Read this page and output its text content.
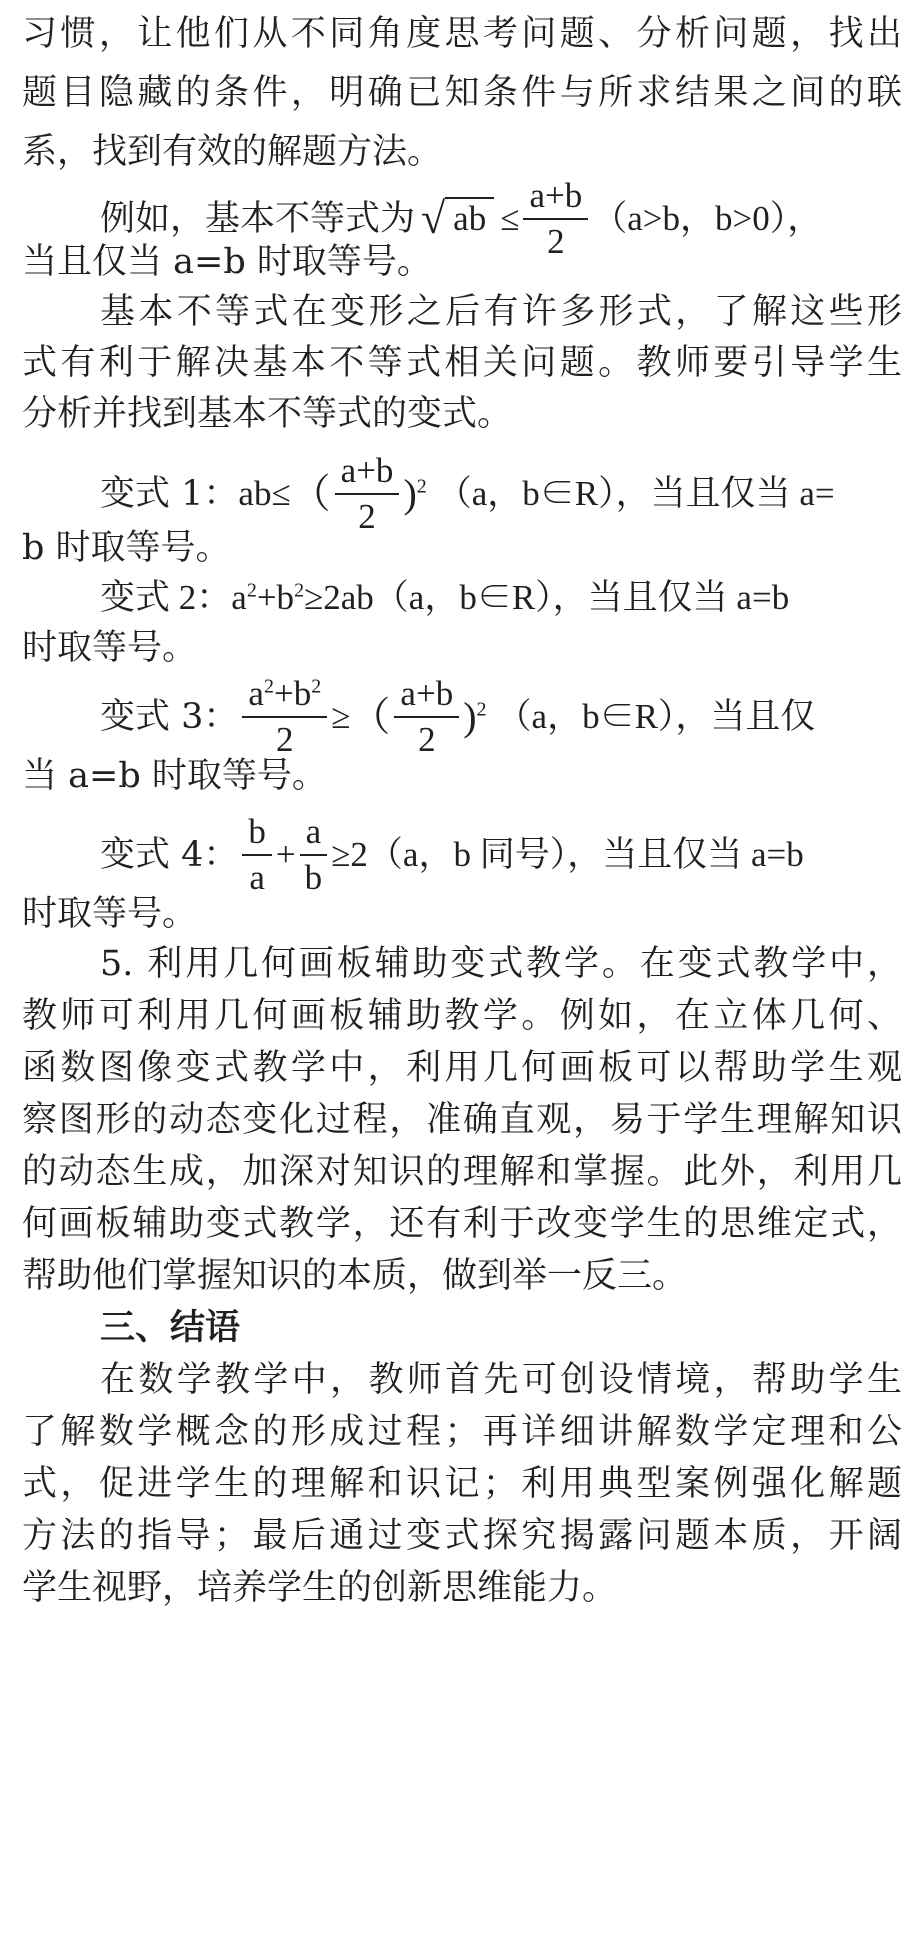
习惯，让他们从不同角度思考问题、分析问题，找出
题目隐藏的条件，明确已知条件与所求结果之间的联
系，找到有效的解题方法。
例如，基本不等式为 √ ab ≤ $\frac{a+b}{2} (a>b$，b>0），
当且仅当 a=b 时取等号。
基本不等式在变形之后有许多形式，了解这些形
式有利于解决基本不等式相关问题。教师要引导学生
分析并找到基本不等式的变式。
变式 1： ab≤ （ $\frac{a+b}{2} )^2$ （a，b∈R），当且仅当 a=
b 时取等号。
变式 2：$a^2+b^2\ge 2ab(a$，b∈R），当且仅当 a=b
时取等号。
变式 3： $\frac{a^2+b^2}{2}$ ≥ （ $\frac{a+b}{2} )^2$ （a，b∈R），当且仅
当 a=b 时取等号。
变式 4： $\frac{b}{a} + \frac{a}{b} \ge 2(a$，b 同号），当且仅当 a=b
时取等号。
5. 利用几何画板辅助变式教学。在变式教学中，
教师可利用几何画板辅助教学。例如，在立体几何、
函数图像变式教学中，利用几何画板可以帮助学生观
察图形的动态变化过程，准确直观，易于学生理解知识
的动态生成，加深对知识的理解和掌握。此外，利用几
何画板辅助变式教学，还有利于改变学生的思维定式，
帮助他们掌握知识的本质，做到举一反三。
三、结语
在数学教学中，教师首先可创设情境，帮助学生
了解数学概念的形成过程；再详细讲解数学定理和公
式，促进学生的理解和识记；利用典型案例强化解题
方法的指导；最后通过变式探究揭露问题本质，开阔
学生视野，培养学生的创新思维能力。
